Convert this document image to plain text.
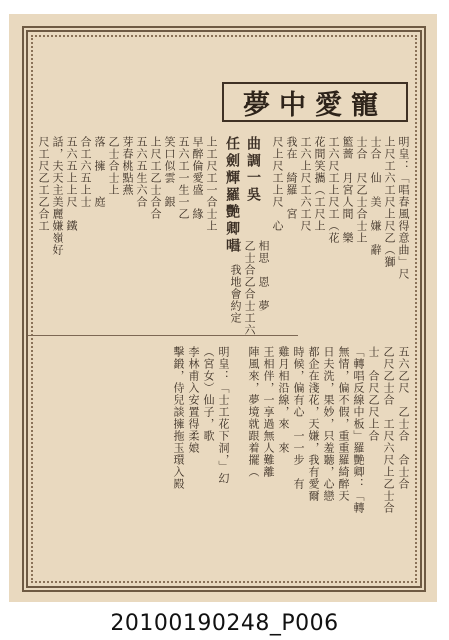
夢中愛寵
曲調一吳
任劍輝羅艷卿唱	明皇：「唱春風得意曲」尺
上尺工六工尺上尺乙（獅
士合　仙　美　嫌　辭
士合　尺乙士合士上
籃薔　月宮人間　樂
工六尺工上尺工（花
花間笑攜（工尺上
工六上尺工六工尺
我在　綺羅　宮
尺上尺工上尺　心
上工尺工一合士上
早醉倫愛盛　緣
五六工一生一乙
笑口似雲　銀
上尺工乙士合合
五六五生六合
芽春桃點燕
乙士合士上
落　擁　　庭
合工六五上士
五六五上上尺　鐵
話，夫天主美麗嫌嶺好
尺工尺乙工乙合工
相思　恩　夢
乙士合乙合士工六
定　我地會約定
五六乙尺　乙士合　合士合
乙尺乙士合　工尺六尺上乙士合
士　合尺乙尺上合
「轉唱反線中板」羅艷卿：「轉
無情，偏不假，重重羅綺醉天
日夫洗，果妙，只羞聽，心戀
都企在淺花，天嫌，我有愛爾
時候，偏有心　一一步　有
雞月相沿線，來　來
王相伴，一享過無人難離
陣風來，夢境就跟着擺（
明皇：「士工花下洞，」幻
（宮女）仙子，歌
李林甫入安置得柔娘
擊鍛，侍兒談擁拖玉環入殿
20100190248_P006
